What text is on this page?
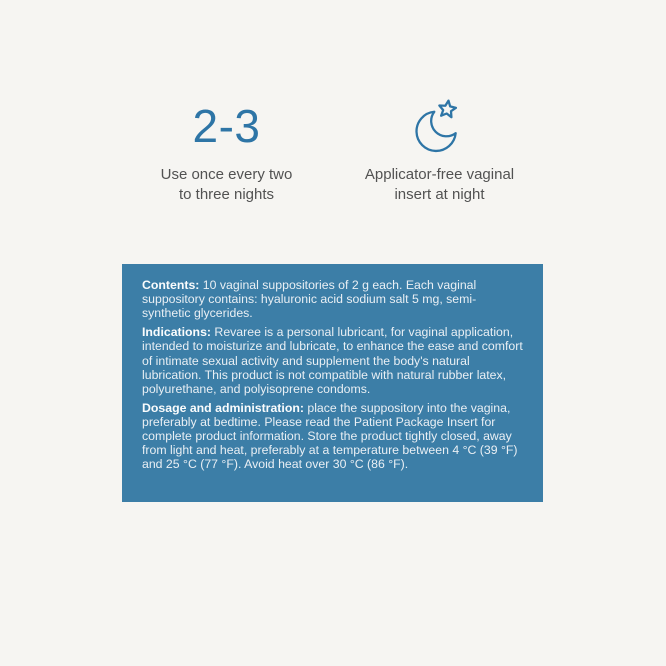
2-3
Use once every two
to three nights
Applicator-free vaginal
insert at night

Contents: 10 vaginal suppositories of 2 g each. Each vaginal suppository contains: hyaluronic acid sodium salt 5 mg, semi-synthetic glycerides.

Indications: Revaree is a personal lubricant, for vaginal application, intended to moisturize and lubricate, to enhance the ease and comfort of intimate sexual activity and supplement the body's natural lubrication. This product is not compatible with natural rubber latex, polyurethane, and polyisoprene condoms.

Dosage and administration: place the suppository into the vagina, preferably at bedtime. Please read the Patient Package Insert for complete product information. Store the product tightly closed, away from light and heat, preferably at a temperature between 4 °C (39 °F) and 25 °C (77 °F). Avoid heat over 30 °C (86 °F).
